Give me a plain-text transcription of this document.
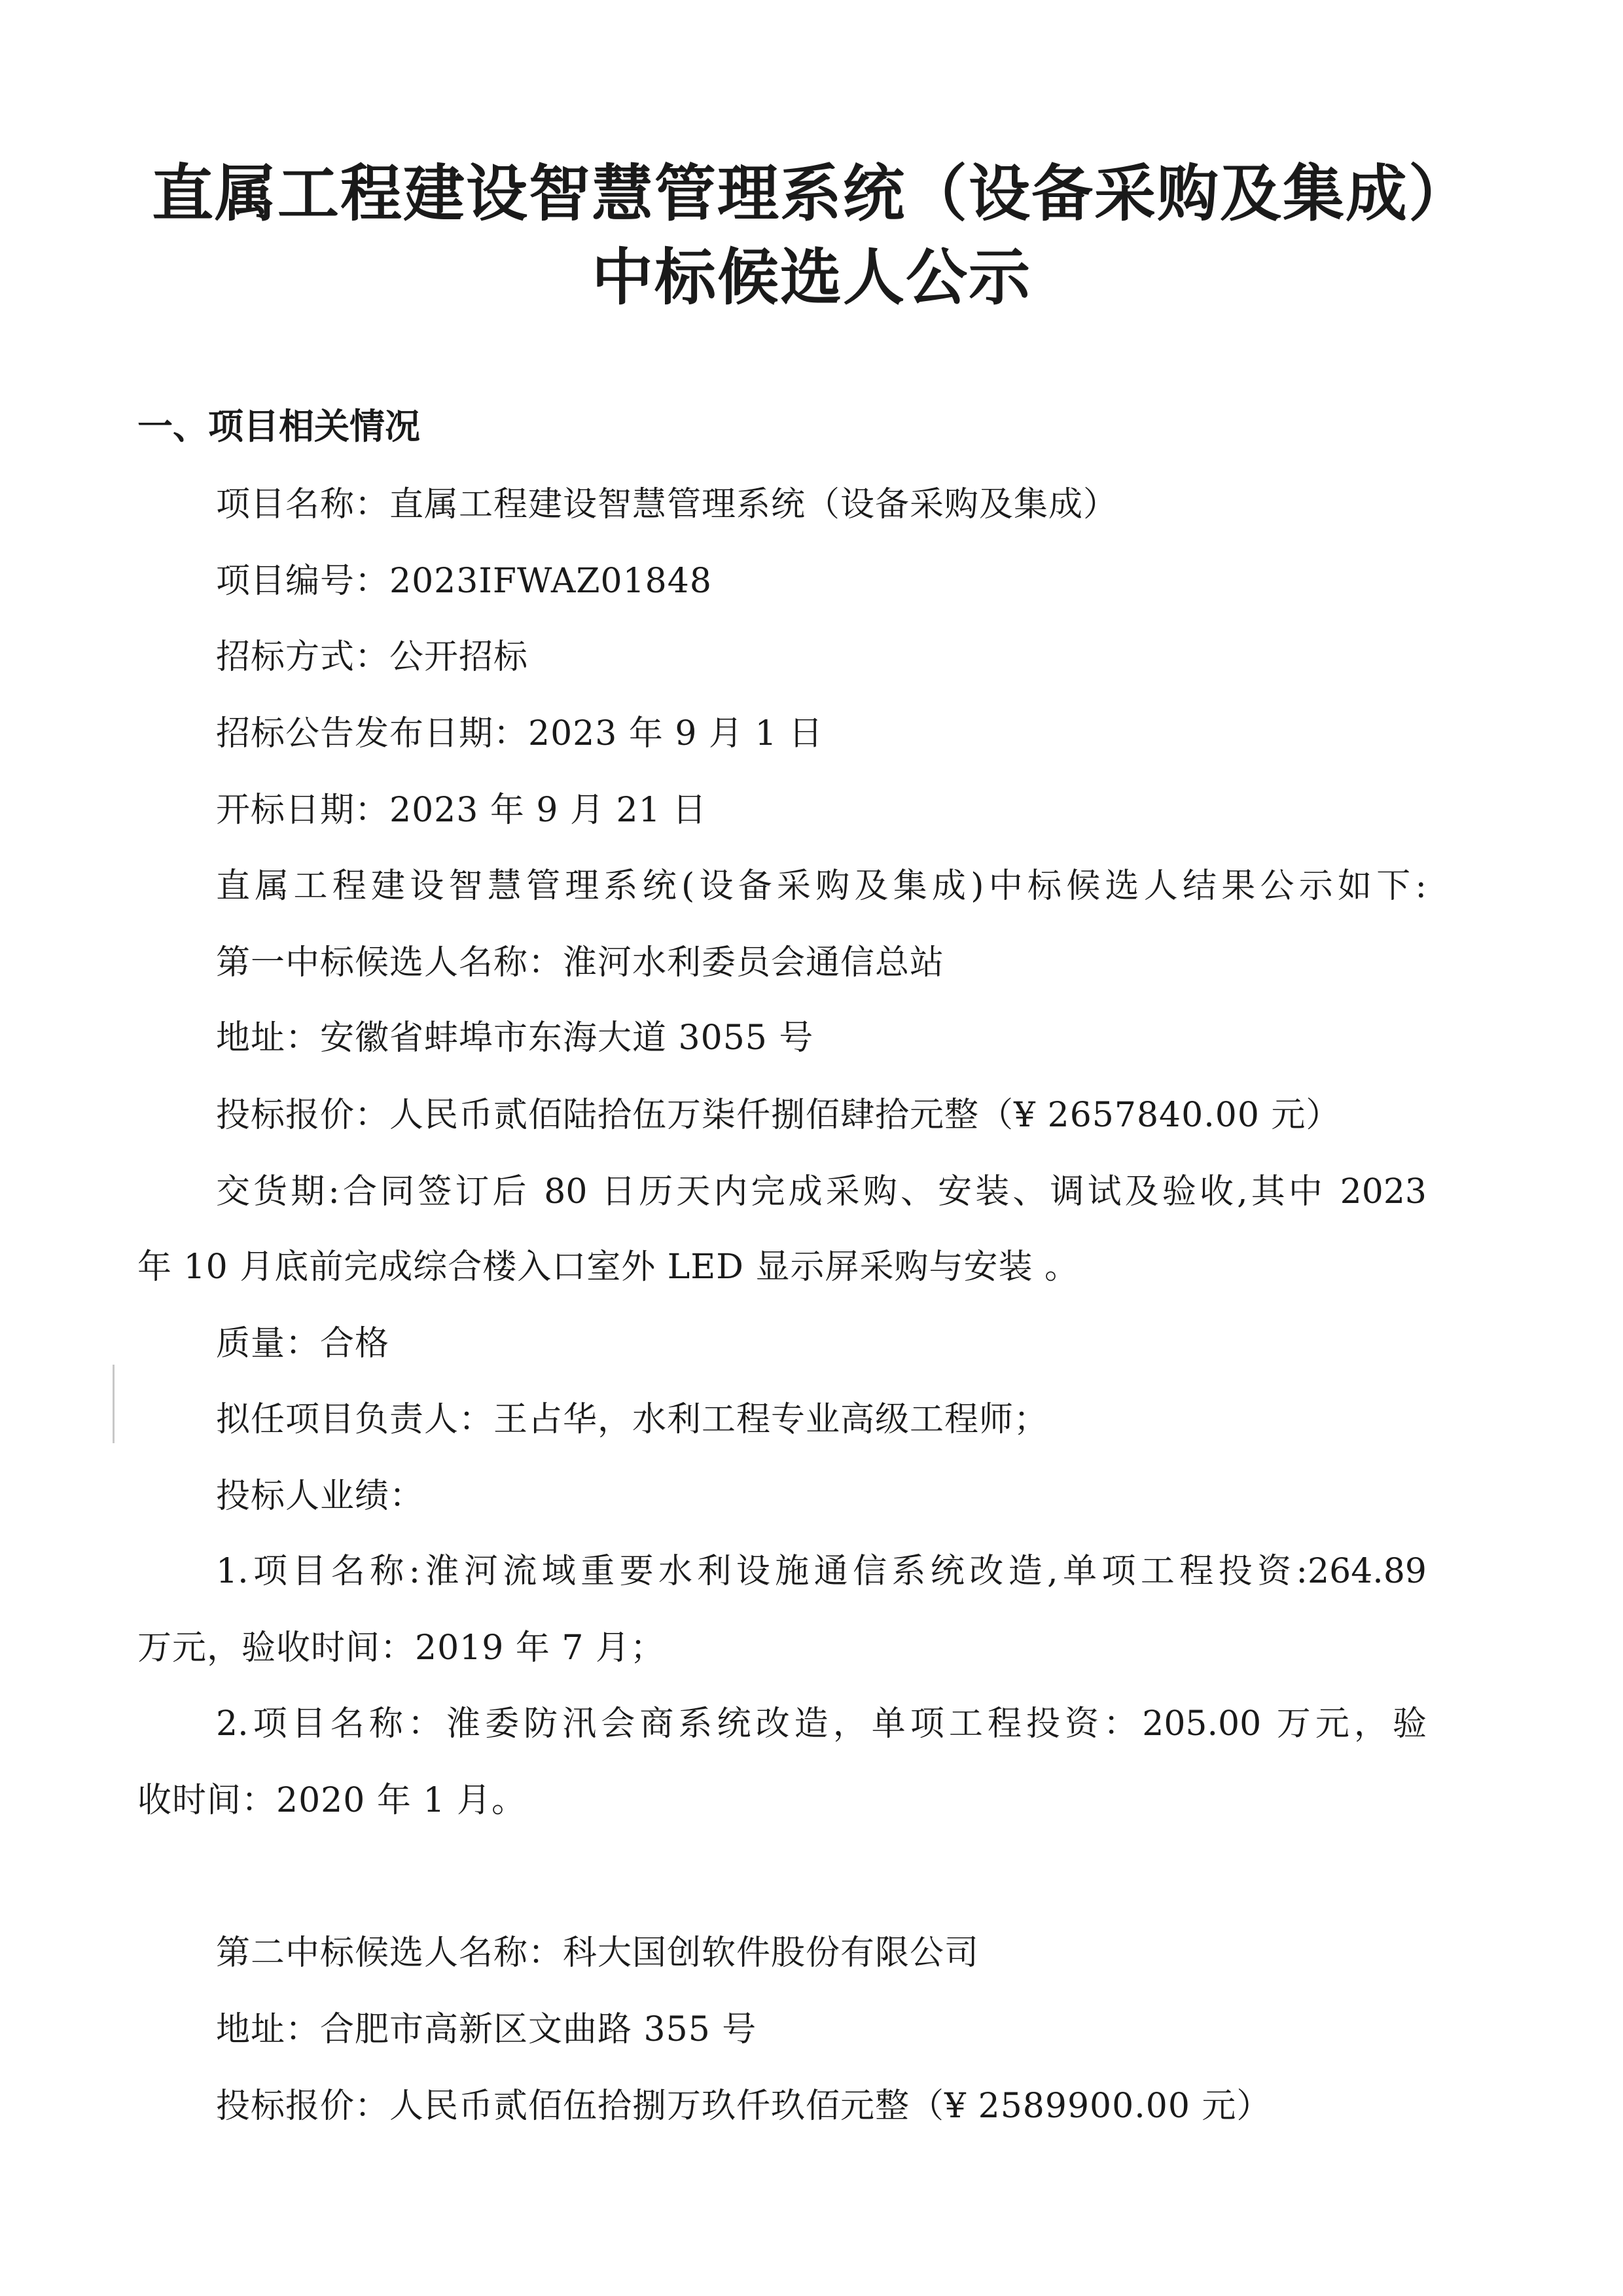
直属工程建设智慧管理系统（设备采购及集成）
中标候选人公示
一、项目相关情况
项目名称：直属工程建设智慧管理系统（设备采购及集成）
项目编号：2023IFWAZ01848
招标方式：公开招标
招标公告发布日期：2023 年 9 月 1 日
开标日期：2023 年 9 月 21 日
直属工程建设智慧管理系统(设备采购及集成)中标候选人结果公示如下:
第一中标候选人名称：淮河水利委员会通信总站
地址：安徽省蚌埠市东海大道 3055 号
投标报价：人民币贰佰陆拾伍万柒仟捌佰肆拾元整（¥ 2657840.00 元）
交货期:合同签订后 80 日历天内完成采购、安装、调试及验收,其中 2023
年 10 月底前完成综合楼入口室外 LED 显示屏采购与安装 。
质量：合格
拟任项目负责人：王占华，水利工程专业高级工程师；
投标人业绩：
1.项目名称:淮河流域重要水利设施通信系统改造,单项工程投资:264.89
万元，验收时间：2019 年 7 月；
2.项目名称：淮委防汛会商系统改造，单项工程投资：205.00 万元，验
收时间：2020 年 1 月。
第二中标候选人名称：科大国创软件股份有限公司
地址：合肥市高新区文曲路 355 号
投标报价：人民币贰佰伍拾捌万玖仟玖佰元整（¥ 2589900.00 元）
